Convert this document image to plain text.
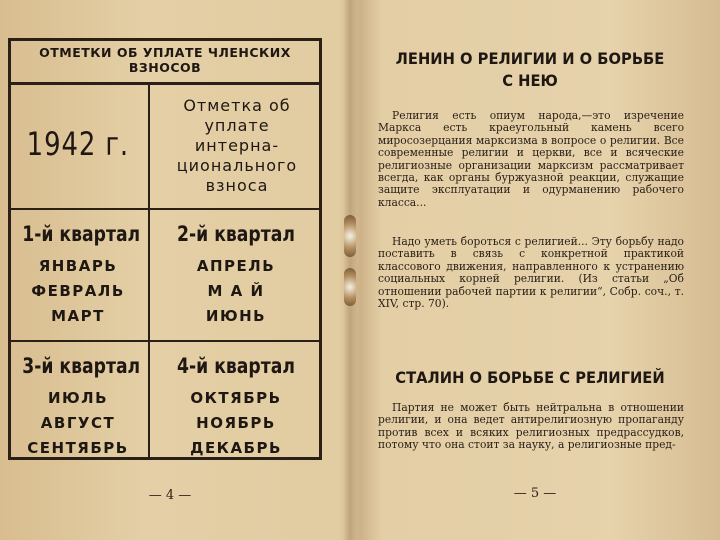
ОТМЕТКИ ОБ УПЛАТЕ ЧЛЕНСКИХ ВЗНОСОВ
1942 г.
Отметка об уплате интерна- ционального взноса
1-й квартал
ЯНВАРЬ
ФЕВРАЛЬ
МАРТ
2-й квартал
АПРЕЛЬ
М А Й
ИЮНЬ
3-й квартал
ИЮЛЬ
АВГУСТ
СЕНТЯБРЬ
4-й квартал
ОКТЯБРЬ
НОЯБРЬ
ДЕКАБРЬ
— 4 —
ЛЕНИН О РЕЛИГИИ И О БОРЬБЕ С НЕЮ
Религия есть опиум народа,—это изречение Маркса есть краеугольный камень всего миросозерцания марксизма в вопросе о религии. Все современные религии и церкви, все и всяческие религиозные организации марксизм рассматривает всегда, как органы буржуазной реакции, служащие защите эксплуатации и одурманению рабочего класса...
Надо уметь бороться с религией... Эту борьбу надо поставить в связь с конкретной практикой классового движения, направленного к устранению социальных корней религии. (Из статьи „Об отношении рабочей партии к религии“, Собр. соч., т. XIV, стр. 70).
СТАЛИН О БОРЬБЕ С РЕЛИГИЕЙ
Партия не может быть нейтральна в отношении религии, и она ведет антирелигиозную пропаганду против всех и всяких религиозных предрассудков, потому что она стоит за науку, а религиозные пред-
— 5 —
